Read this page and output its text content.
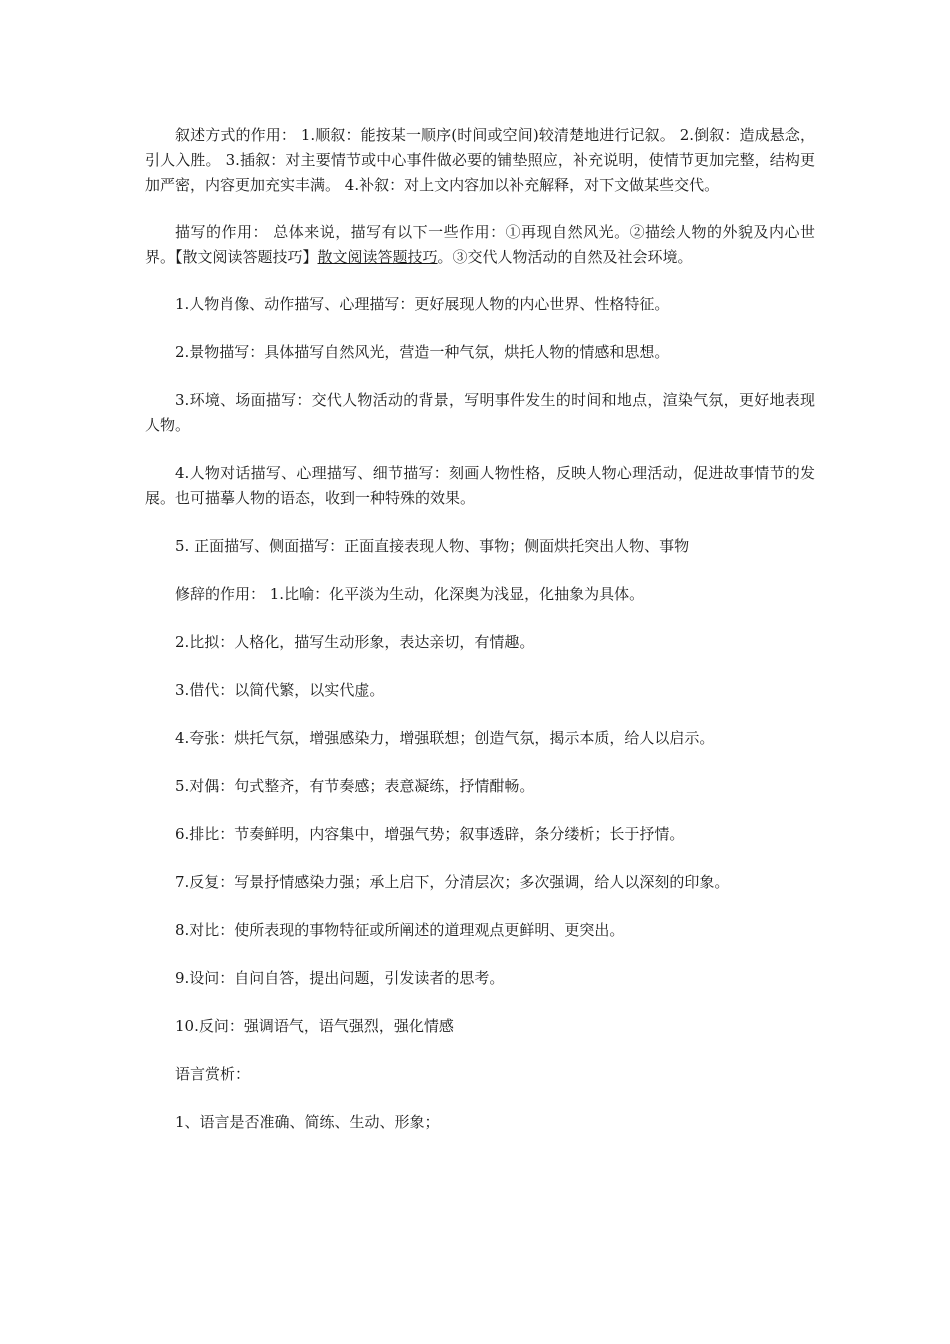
叙述方式的作用： 1.顺叙：能按某一顺序(时间或空间)较清楚地进行记叙。 2.倒叙：造成悬念，引人入胜。 3.插叙：对主要情节或中心事件做必要的铺垫照应，补充说明，使情节更加完整，结构更加严密，内容更加充实丰满。 4.补叙：对上文内容加以补充解释，对下文做某些交代。

描写的作用： 总体来说，描写有以下一些作用：①再现自然风光。②描绘人物的外貌及内心世界。【散文阅读答题技巧】散文阅读答题技巧。③交代人物活动的自然及社会环境。

1.人物肖像、动作描写、心理描写：更好展现人物的内心世界、性格特征。

2.景物描写：具体描写自然风光，营造一种气氛，烘托人物的情感和思想。

3.环境、场面描写：交代人物活动的背景，写明事件发生的时间和地点，渲染气氛，更好地表现人物。

4.人物对话描写、心理描写、细节描写：刻画人物性格，反映人物心理活动，促进故事情节的发展。也可描摹人物的语态，收到一种特殊的效果。

5. 正面描写、侧面描写：正面直接表现人物、事物；侧面烘托突出人物、事物

修辞的作用： 1.比喻：化平淡为生动，化深奥为浅显，化抽象为具体。

2.比拟：人格化，描写生动形象，表达亲切，有情趣。

3.借代：以简代繁，以实代虚。

4.夸张：烘托气氛，增强感染力，增强联想；创造气氛，揭示本质，给人以启示。

5.对偶：句式整齐，有节奏感；表意凝练，抒情酣畅。

6.排比：节奏鲜明，内容集中，增强气势；叙事透辟，条分缕析；长于抒情。

7.反复：写景抒情感染力强；承上启下，分清层次；多次强调，给人以深刻的印象。

8.对比：使所表现的事物特征或所阐述的道理观点更鲜明、更突出。

9.设问：自问自答，提出问题，引发读者的思考。

10.反问：强调语气，语气强烈，强化情感

语言赏析：

1、语言是否准确、简练、生动、形象；
